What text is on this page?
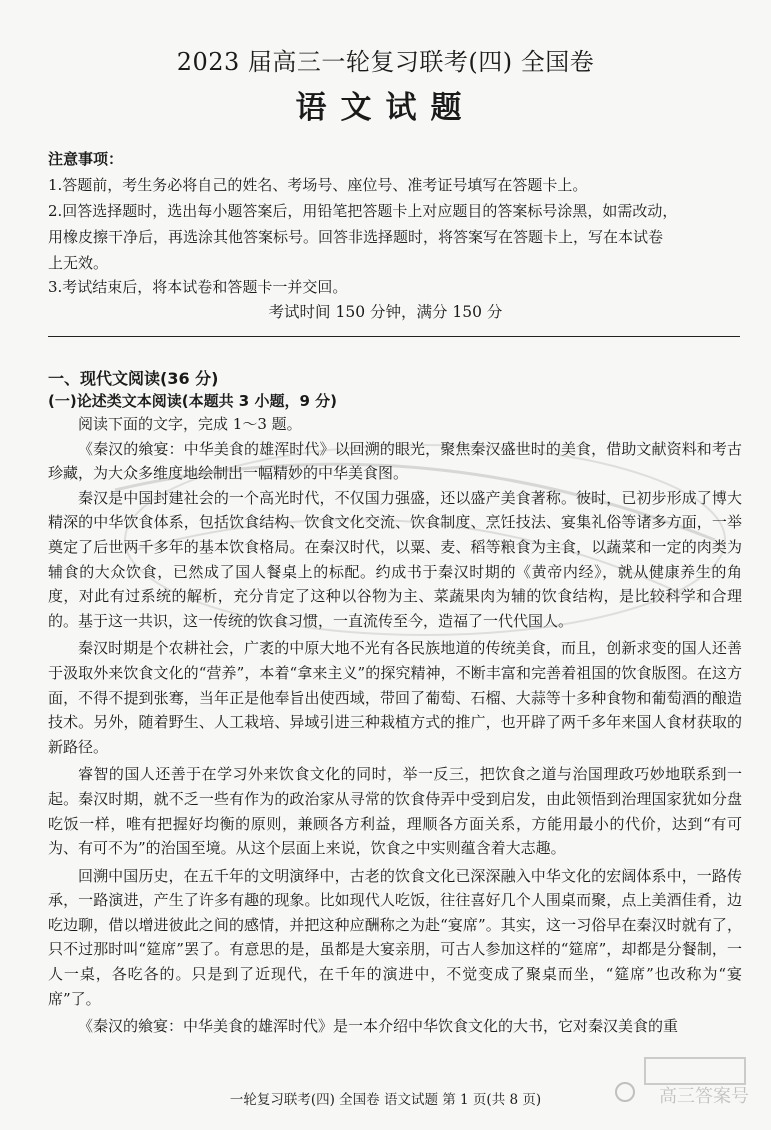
2023 届高三一轮复习联考(四) 全国卷
语文试题
注意事项：
1.答题前，考生务必将自己的姓名、考场号、座位号、准考证号填写在答题卡上。
2.回答选择题时，选出每小题答案后，用铅笔把答题卡上对应题目的答案标号涂黑，如需改动，
用橡皮擦干净后，再选涂其他答案标号。回答非选择题时，将答案写在答题卡上，写在本试卷
上无效。
3.考试结束后，将本试卷和答题卡一并交回。
考试时间 150 分钟，满分 150 分
一、现代文阅读(36 分)
(一)论述类文本阅读(本题共 3 小题，9 分)

阅读下面的文字，完成 1～3 题。

《秦汉的飨宴：中华美食的雄浑时代》以回溯的眼光，聚焦秦汉盛世时的美食，借助文献资料和考古珍藏，为大众多维度地绘制出一幅精妙的中华美食图。

秦汉是中国封建社会的一个高光时代，不仅国力强盛，还以盛产美食著称。彼时，已初步形成了博大精深的中华饮食体系，包括饮食结构、饮食文化交流、饮食制度、烹饪技法、宴集礼俗等诸多方面，一举奠定了后世两千多年的基本饮食格局。在秦汉时代，以粟、麦、稻等粮食为主食，以蔬菜和一定的肉类为辅食的大众饮食，已然成了国人餐桌上的标配。约成书于秦汉时期的《黄帝内经》，就从健康养生的角度，对此有过系统的解析，充分肯定了这种以谷物为主、菜蔬果肉为辅的饮食结构，是比较科学和合理的。基于这一共识，这一传统的饮食习惯，一直流传至今，造福了一代代国人。

秦汉时期是个农耕社会，广袤的中原大地不光有各民族地道的传统美食，而且，创新求变的国人还善于汲取外来饮食文化的“营养”，本着“拿来主义”的探究精神，不断丰富和完善着祖国的饮食版图。在这方面，不得不提到张骞，当年正是他奉旨出使西域，带回了葡萄、石榴、大蒜等十多种食物和葡萄酒的酿造技术。另外，随着野生、人工栽培、异域引进三种栽植方式的推广，也开辟了两千多年来国人食材获取的新路径。

睿智的国人还善于在学习外来饮食文化的同时，举一反三，把饮食之道与治国理政巧妙地联系到一起。秦汉时期，就不乏一些有作为的政治家从寻常的饮食侍弄中受到启发，由此领悟到治理国家犹如分盘吃饭一样，唯有把握好均衡的原则，兼顾各方利益，理顺各方面关系，方能用最小的代价，达到“有可为、有可不为”的治国至境。从这个层面上来说，饮食之中实则蕴含着大志趣。

回溯中国历史，在五千年的文明演绎中，古老的饮食文化已深深融入中华文化的宏阔体系中，一路传承，一路演进，产生了许多有趣的现象。比如现代人吃饭，往往喜好几个人围桌而聚，点上美酒佳肴，边吃边聊，借以增进彼此之间的感情，并把这种应酬称之为赴“宴席”。其实，这一习俗早在秦汉时就有了，只不过那时叫“筵席”罢了。有意思的是，虽都是大宴亲朋，可古人参加这样的“筵席”，却都是分餐制，一人一桌，各吃各的。只是到了近现代，在千年的演进中，不觉变成了聚桌而坐，“筵席”也改称为“宴席”了。

《秦汉的飨宴：中华美食的雄浑时代》是一本介绍中华饮食文化的大书，它对秦汉美食的重

一轮复习联考(四) 全国卷 语文试题 第 1 页(共 8 页)	高三答案号
